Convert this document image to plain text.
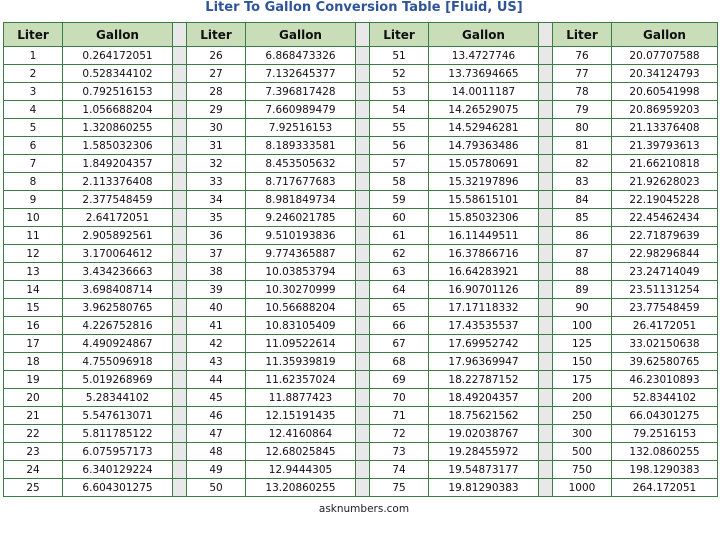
Liter To Gallon Conversion Table [Fluid, US]
Liter	Gallon		Liter	Gallon		Liter	Gallon		Liter	Gallon
1	0.264172051		26	6.868473326		51	13.4727746		76	20.07707588
2	0.528344102		27	7.132645377		52	13.73694665		77	20.34124793
3	0.792516153		28	7.396817428		53	14.0011187		78	20.60541998
4	1.056688204		29	7.660989479		54	14.26529075		79	20.86959203
5	1.320860255		30	7.92516153		55	14.52946281		80	21.13376408
6	1.585032306		31	8.189333581		56	14.79363486		81	21.39793613
7	1.849204357		32	8.453505632		57	15.05780691		82	21.66210818
8	2.113376408		33	8.717677683		58	15.32197896		83	21.92628023
9	2.377548459		34	8.981849734		59	15.58615101		84	22.19045228
10	2.64172051		35	9.246021785		60	15.85032306		85	22.45462434
11	2.905892561		36	9.510193836		61	16.11449511		86	22.71879639
12	3.170064612		37	9.774365887		62	16.37866716		87	22.98296844
13	3.434236663		38	10.03853794		63	16.64283921		88	23.24714049
14	3.698408714		39	10.30270999		64	16.90701126		89	23.51131254
15	3.962580765		40	10.56688204		65	17.17118332		90	23.77548459
16	4.226752816		41	10.83105409		66	17.43535537		100	26.4172051
17	4.490924867		42	11.09522614		67	17.69952742		125	33.02150638
18	4.755096918		43	11.35939819		68	17.96369947		150	39.62580765
19	5.019268969		44	11.62357024		69	18.22787152		175	46.23010893
20	5.28344102		45	11.8877423		70	18.49204357		200	52.8344102
21	5.547613071		46	12.15191435		71	18.75621562		250	66.04301275
22	5.811785122		47	12.4160864		72	19.02038767		300	79.2516153
23	6.075957173		48	12.68025845		73	19.28455972		500	132.0860255
24	6.340129224		49	12.9444305		74	19.54873177		750	198.1290383
25	6.604301275		50	13.20860255		75	19.81290383		1000	264.172051
asknumbers.com
